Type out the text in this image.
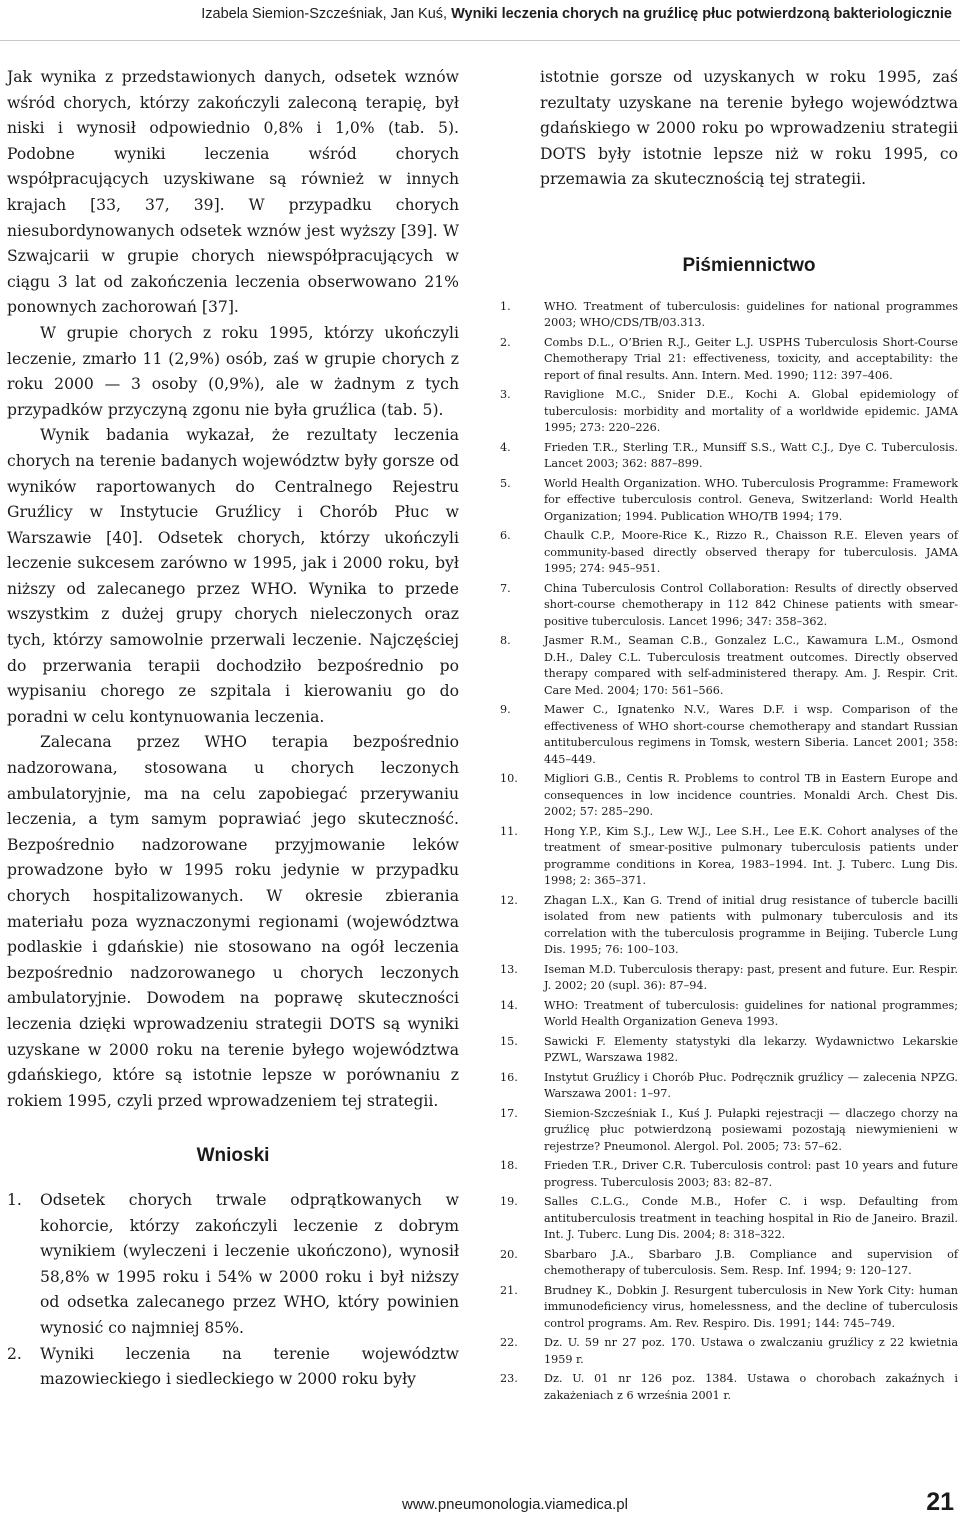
Izabela Siemion-Szcześniak, Jan Kuś, Wyniki leczenia chorych na gruźlicę płuc potwierdzoną bakteriologicznie

Jak wynika z przedstawionych danych, odsetek wznów wśród chorych, którzy zakończyli zaleconą terapię, był niski i wynosił odpowiednio 0,8% i 1,0% (tab. 5). Podobne wyniki leczenia wśród chorych współpracujących uzyskiwane są również w innych krajach [33, 37, 39]. W przypadku chorych niesubordynowanych odsetek wznów jest wyższy [39]. W Szwajcarii w grupie chorych niewspółpracujących w ciągu 3 lat od zakończenia leczenia obserwowano 21% ponownych zachorowań [37].

W grupie chorych z roku 1995, którzy ukończyli leczenie, zmarło 11 (2,9%) osób, zaś w grupie chorych z roku 2000 — 3 osoby (0,9%), ale w żadnym z tych przypadków przyczyną zgonu nie była gruźlica (tab. 5).

Wynik badania wykazał, że rezultaty leczenia chorych na terenie badanych województw były gorsze od wyników raportowanych do Centralnego Rejestru Gruźlicy w Instytucie Gruźlicy i Chorób Płuc w Warszawie [40]. Odsetek chorych, którzy ukończyli leczenie sukcesem zarówno w 1995, jak i 2000 roku, był niższy od zalecanego przez WHO. Wynika to przede wszystkim z dużej grupy chorych nieleczonych oraz tych, którzy samowolnie przerwali leczenie. Najczęściej do przerwania terapii dochodziło bezpośrednio po wypisaniu chorego ze szpitala i kierowaniu go do poradni w celu kontynuowania leczenia.

Zalecana przez WHO terapia bezpośrednio nadzorowana, stosowana u chorych leczonych ambulatoryjnie, ma na celu zapobiegać przerywaniu leczenia, a tym samym poprawiać jego skuteczność. Bezpośrednio nadzorowane przyjmowanie leków prowadzone było w 1995 roku jedynie w przypadku chorych hospitalizowanych. W okresie zbierania materiału poza wyznaczonymi regionami (województwa podlaskie i gdańskie) nie stosowano na ogół leczenia bezpośrednio nadzorowanego u chorych leczonych ambulatoryjnie. Dowodem na poprawę skuteczności leczenia dzięki wprowadzeniu strategii DOTS są wyniki uzyskane w 2000 roku na terenie byłego województwa gdańskiego, które są istotnie lepsze w porównaniu z rokiem 1995, czyli przed wprowadzeniem tej strategii.

Wnioski
1. Odsetek chorych trwale odprątkowanych w kohorcie, którzy zakończyli leczenie z dobrym wynikiem (wyleczeni i leczenie ukończono), wynosił 58,8% w 1995 roku i 54% w 2000 roku i był niższy od odsetka zalecanego przez WHO, który powinien wynosić co najmniej 85%.
2. Wyniki leczenia na terenie województw mazowieckiego i siedleckiego w 2000 roku były

istotnie gorsze od uzyskanych w roku 1995, zaś rezultaty uzyskane na terenie byłego województwa gdańskiego w 2000 roku po wprowadzeniu strategii DOTS były istotnie lepsze niż w roku 1995, co przemawia za skutecznością tej strategii.

Piśmiennictwo
1.	WHO. Treatment of tuberculosis: guidelines for national programmes 2003; WHO/CDS/TB/03.313.
2.	Combs D.L., O’Brien R.J., Geiter L.J. USPHS Tuberculosis Short-Course Chemotherapy Trial 21: effectiveness, toxicity, and acceptability: the report of final results. Ann. Intern. Med. 1990; 112: 397–406.
3.	Raviglione M.C., Snider D.E., Kochi A. Global epidemiology of tuberculosis: morbidity and mortality of a worldwide epidemic. JAMA 1995; 273: 220–226.
4.	Frieden T.R., Sterling T.R., Munsiff S.S., Watt C.J., Dye C. Tuberculosis. Lancet 2003; 362: 887–899.
5.	World Health Organization. WHO. Tuberculosis Programme: Framework for effective tuberculosis control. Geneva, Switzerland: World Health Organization; 1994. Publication WHO/TB 1994; 179.
6.	Chaulk C.P., Moore-Rice K., Rizzo R., Chaisson R.E. Eleven years of community-based directly observed therapy for tuberculosis. JAMA 1995; 274: 945–951.
7.	China Tuberculosis Control Collaboration: Results of directly observed short-course chemotherapy in 112 842 Chinese patients with smear-positive tuberculosis. Lancet 1996; 347: 358–362.
8.	Jasmer R.M., Seaman C.B., Gonzalez L.C., Kawamura L.M., Osmond D.H., Daley C.L. Tuberculosis treatment outcomes. Directly observed therapy compared with self-administered therapy. Am. J. Respir. Crit. Care Med. 2004; 170: 561–566.
9.	Mawer C., Ignatenko N.V., Wares D.F. i wsp. Comparison of the effectiveness of WHO short-course chemotherapy and standart Russian antituberculous regimens in Tomsk, western Siberia. Lancet 2001; 358: 445–449.
10. Migliori G.B., Centis R. Problems to control TB in Eastern Europe and consequences in low incidence countries. Monaldi Arch. Chest Dis. 2002; 57: 285–290.
11. Hong Y.P., Kim S.J., Lew W.J., Lee S.H., Lee E.K. Cohort analyses of the treatment of smear-positive pulmonary tuberculosis patients under programme conditions in Korea, 1983–1994. Int. J. Tuberc. Lung Dis. 1998; 2: 365–371.
12. Zhagan L.X., Kan G. Trend of initial drug resistance of tubercle bacilli isolated from new patients with pulmonary tuberculosis and its correlation with the tuberculosis programme in Beijing. Tubercle Lung Dis. 1995; 76: 100–103.
13. Iseman M.D. Tuberculosis therapy: past, present and future. Eur. Respir. J. 2002; 20 (supl. 36): 87–94.
14. WHO: Treatment of tuberculosis: guidelines for national programmes; World Health Organization Geneva 1993.
15. Sawicki F. Elementy statystyki dla lekarzy. Wydawnictwo Lekarskie PZWL, Warszawa 1982.
16. Instytut Gruźlicy i Chorób Płuc. Podręcznik gruźlicy — zalecenia NPZG. Warszawa 2001: 1–97.
17. Siemion-Szcześniak I., Kuś J. Pułapki rejestracji — dlaczego chorzy na gruźlicę płuc potwierdzoną posiewami pozostają niewymienieni w rejestrze? Pneumonol. Alergol. Pol. 2005; 73: 57–62.
18. Frieden T.R., Driver C.R. Tuberculosis control: past 10 years and future progress. Tuberculosis 2003; 83: 82–87.
19. Salles C.L.G., Conde M.B., Hofer C. i wsp. Defaulting from antituberculosis treatment in teaching hospital in Rio de Janeiro. Brazil. Int. J. Tuberc. Lung Dis. 2004; 8: 318–322.
20. Sbarbaro J.A., Sbarbaro J.B. Compliance and supervision of chemotherapy of tuberculosis. Sem. Resp. Inf. 1994; 9: 120–127.
21. Brudney K., Dobkin J. Resurgent tuberculosis in New York City: human immunodeficiency virus, homelessness, and the decline of tuberculosis control programs. Am. Rev. Respiro. Dis. 1991; 144: 745–749.
22. Dz. U. 59 nr 27 poz. 170. Ustawa o zwalczaniu gruźlicy z 22 kwietnia 1959 r.
23. Dz. U. 01 nr 126 poz. 1384. Ustawa o chorobach zakaźnych i zakażeniach z 6 września 2001 r.
www.pneumonologia.viamedica.pl	21
